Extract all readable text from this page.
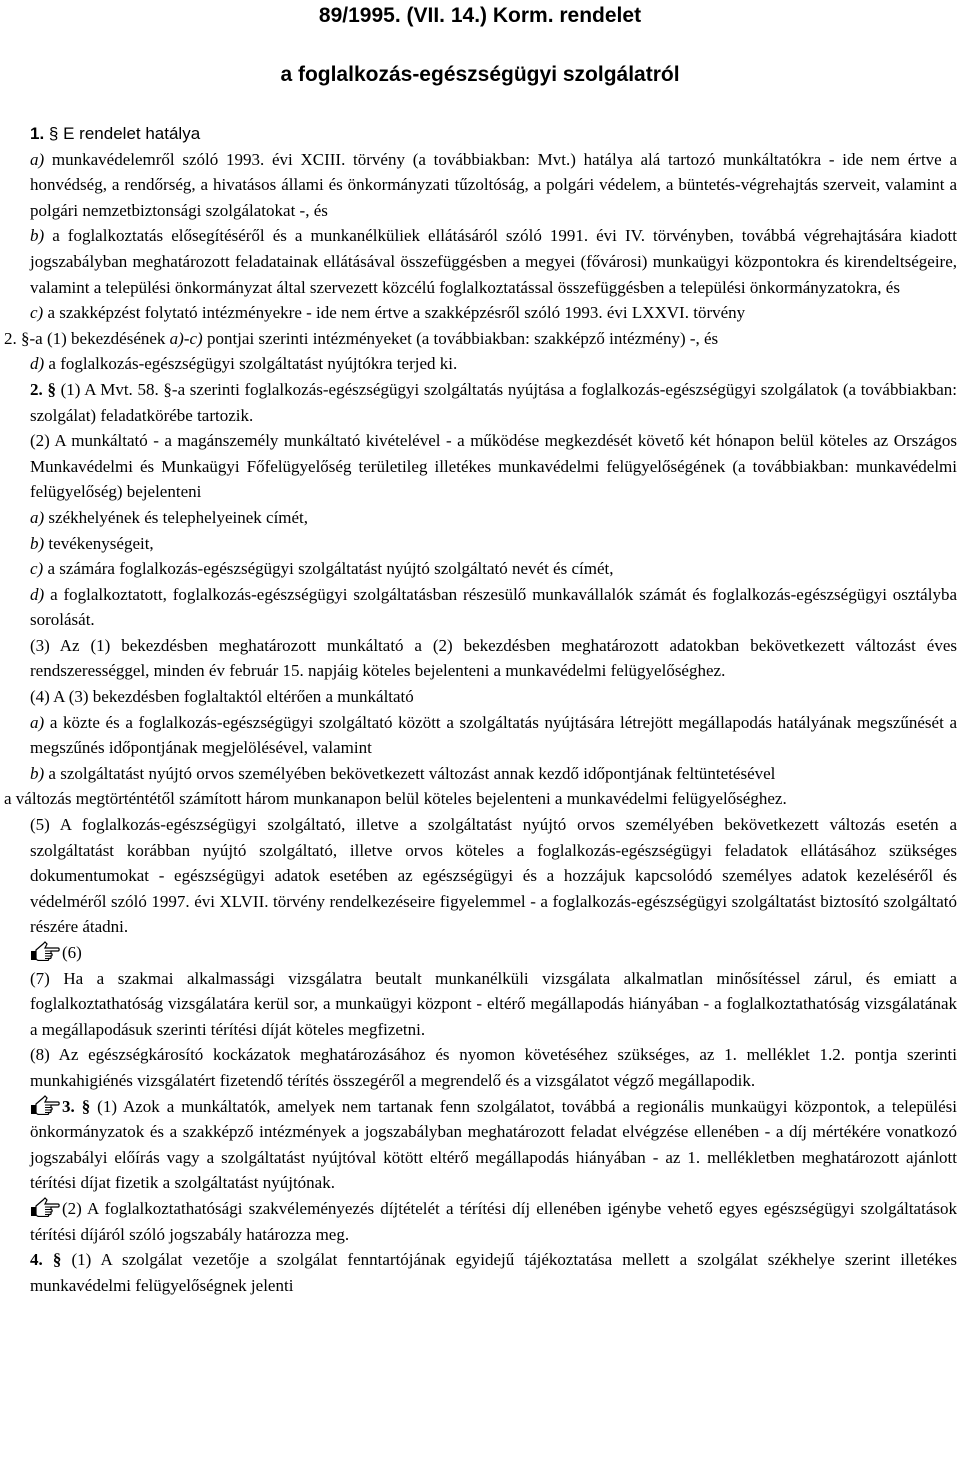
89/1995. (VII. 14.) Korm. rendelet
a foglalkozás-egészségügyi szolgálatról

1. § E rendelet hatálya

a) munkavédelemről szóló 1993. évi XCIII. törvény (a továbbiakban: Mvt.) hatálya alá tartozó munkáltatókra - ide nem értve a honvédség, a rendőrség, a hivatásos állami és önkormányzati tűzoltóság, a polgári védelem, a büntetés-végrehajtás szerveit, valamint a polgári nemzetbiztonsági szolgálatokat -, és

b) a foglalkoztatás elősegítéséről és a munkanélküliek ellátásáról szóló 1991. évi IV. törvényben, továbbá végrehajtására kiadott jogszabályban meghatározott feladatainak ellátásával összefüggésben a megyei (fővárosi) munkaügyi központokra és kirendeltségeire, valamint a települési önkormányzat által szervezett közcélú foglalkoztatással összefüggésben a települési önkormányzatokra, és

c) a szakképzést folytató intézményekre - ide nem értve a szakképzésről szóló 1993. évi LXXVI. törvény

2. §-a (1) bekezdésének a)-c) pontjai szerinti intézményeket (a továbbiakban: szakképző intézmény) -, és

d) a foglalkozás-egészségügyi szolgáltatást nyújtókra terjed ki.

2. § (1) A Mvt. 58. §-a szerinti foglalkozás-egészségügyi szolgáltatás nyújtása a foglalkozás-egészségügyi szolgálatok (a továbbiakban: szolgálat) feladatkörébe tartozik.

(2) A munkáltató - a magánszemély munkáltató kivételével - a működése megkezdését követő két hónapon belül köteles az Országos Munkavédelmi és Munkaügyi Főfelügyelőség területileg illetékes munkavédelmi felügyelőségének (a továbbiakban: munkavédelmi felügyelőség) bejelenteni

a) székhelyének és telephelyeinek címét,

b) tevékenységeit,

c) a számára foglalkozás-egészségügyi szolgáltatást nyújtó szolgáltató nevét és címét,

d) a foglalkoztatott, foglalkozás-egészségügyi szolgáltatásban részesülő munkavállalók számát és foglalkozás-egészségügyi osztályba sorolását.

(3) Az (1) bekezdésben meghatározott munkáltató a (2) bekezdésben meghatározott adatokban bekövetkezett változást éves rendszerességgel, minden év február 15. napjáig köteles bejelenteni a munkavédelmi felügyelőséghez.

(4) A (3) bekezdésben foglaltaktól eltérően a munkáltató

a) a közte és a foglalkozás-egészségügyi szolgáltató között a szolgáltatás nyújtására létrejött megállapodás hatályának megszűnését a megszűnés időpontjának megjelölésével, valamint

b) a szolgáltatást nyújtó orvos személyében bekövetkezett változást annak kezdő időpontjának feltüntetésével

a változás megtörténtétől számított három munkanapon belül köteles bejelenteni a munkavédelmi felügyelőséghez.

(5) A foglalkozás-egészségügyi szolgáltató, illetve a szolgáltatást nyújtó orvos személyében bekövetkezett változás esetén a szolgáltatást korábban nyújtó szolgáltató, illetve orvos köteles a foglalkozás-egészségügyi feladatok ellátásához szükséges dokumentumokat - egészségügyi adatok esetében az egészségügyi és a hozzájuk kapcsolódó személyes adatok kezeléséről és védelméről szóló 1997. évi XLVII. törvény rendelkezéseire figyelemmel - a foglalkozás-egészségügyi szolgáltatást biztosító szolgáltató részére átadni.

(6)

(7) Ha a szakmai alkalmassági vizsgálatra beutalt munkanélküli vizsgálata alkalmatlan minősítéssel zárul, és emiatt a foglalkoztathatóság vizsgálatára kerül sor, a munkaügyi központ - eltérő megállapodás hiányában - a foglalkoztathatóság vizsgálatának a megállapodásuk szerinti térítési díját köteles megfizetni.

(8) Az egészségkárosító kockázatok meghatározásához és nyomon követéséhez szükséges, az 1. melléklet 1.2. pontja szerinti munkahigiénés vizsgálatért fizetendő térítés összegéről a megrendelő és a vizsgálatot végző megállapodik.

3. § (1) Azok a munkáltatók, amelyek nem tartanak fenn szolgálatot, továbbá a regionális munkaügyi központok, a települési önkormányzatok és a szakképző intézmények a jogszabályban meghatározott feladat elvégzése ellenében - a díj mértékére vonatkozó jogszabályi előírás vagy a szolgáltatást nyújtóval kötött eltérő megállapodás hiányában - az 1. mellékletben meghatározott ajánlott térítési díjat fizetik a szolgáltatást nyújtónak.

(2) A foglalkoztathatósági szakvéleményezés díjtételét a térítési díj ellenében igénybe vehető egyes egészségügyi szolgáltatások térítési díjáról szóló jogszabály határozza meg.

4. § (1) A szolgálat vezetője a szolgálat fenntartójának egyidejű tájékoztatása mellett a szolgálat székhelye szerint illetékes munkavédelmi felügyelőségnek jelenti
